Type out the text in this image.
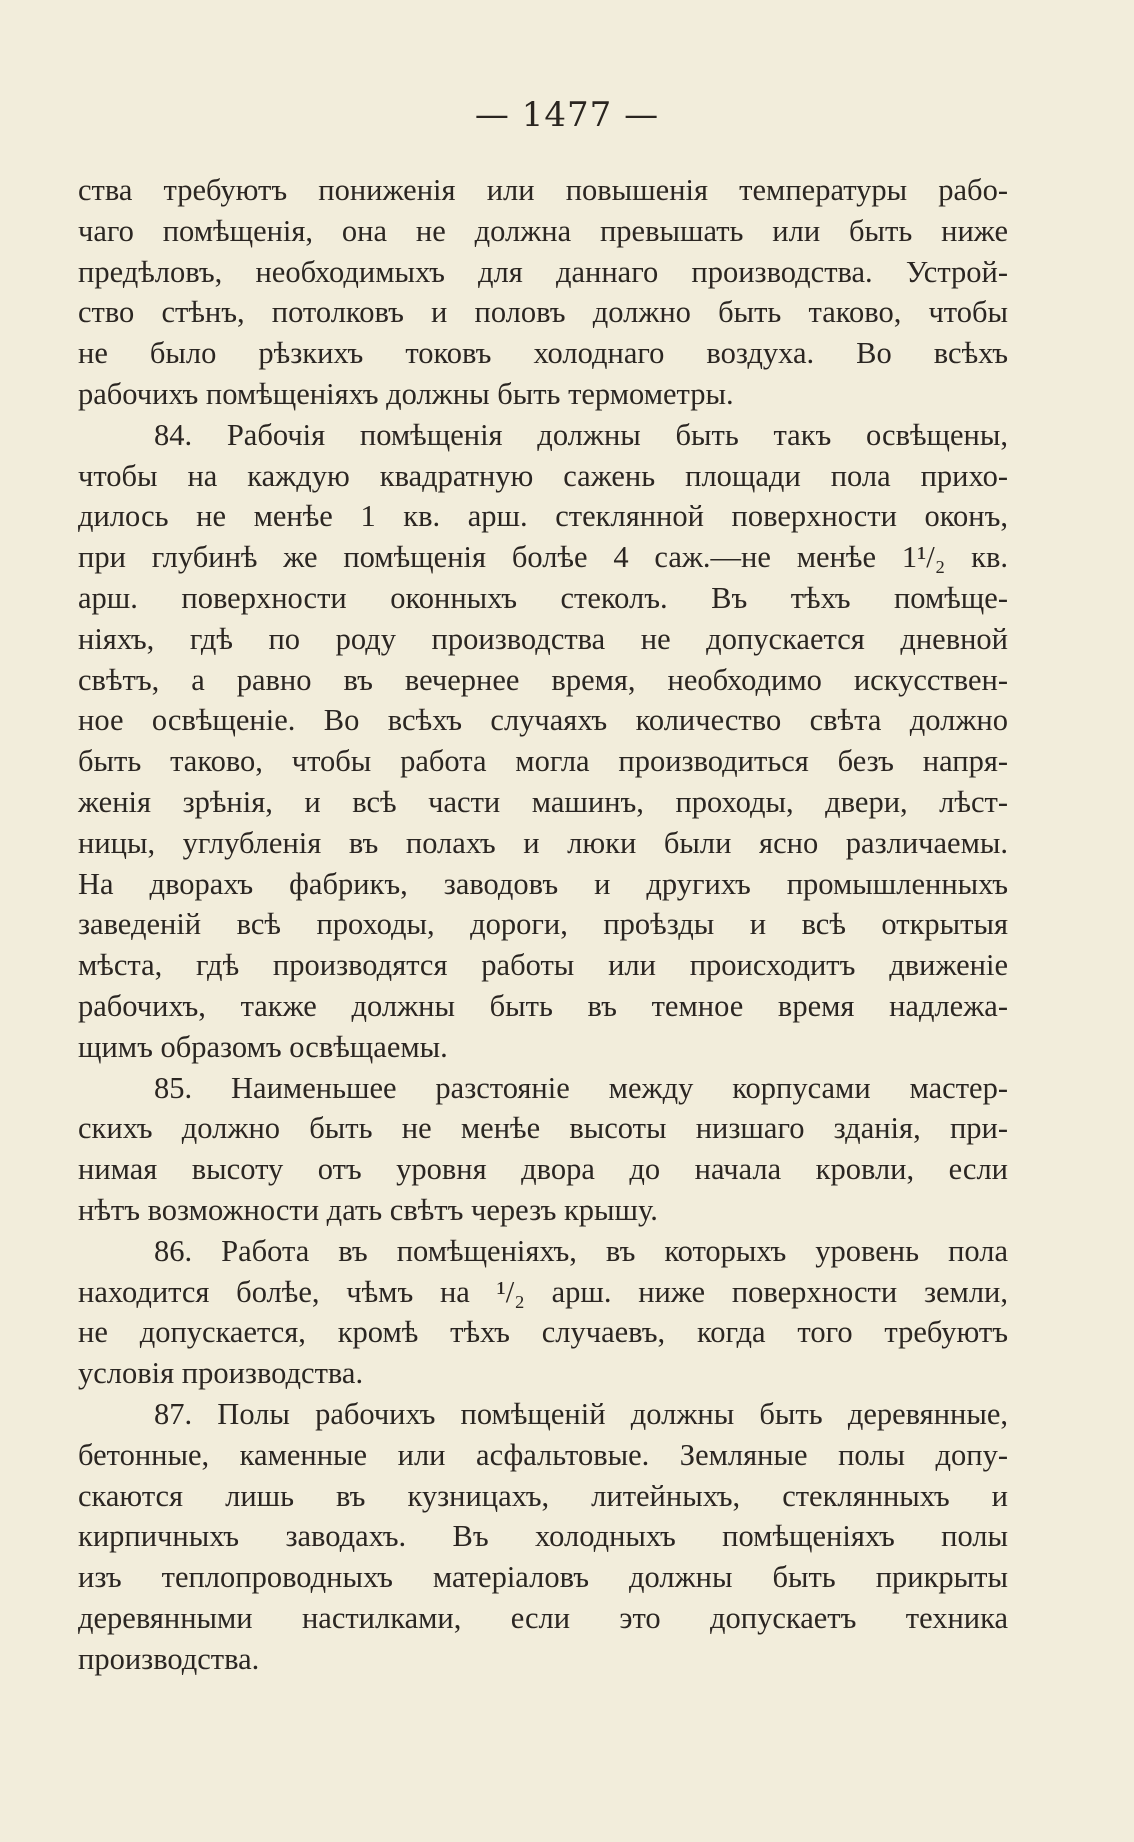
— 1477 —
ства требуютъ пониженія или повышенія температуры рабо-
чаго помѣщенія, она не должна превышать или быть ниже
предѣловъ, необходимыхъ для даннаго производства. Устрой-
ство стѣнъ, потолковъ и половъ должно быть таково, чтобы
не было рѣзкихъ токовъ холоднаго воздуха. Во всѣхъ
рабочихъ помѣщеніяхъ должны быть термометры.
84. Рабочія помѣщенія должны быть такъ освѣщены,
чтобы на каждую квадратную сажень площади пола прихо-
дилось не менѣе 1 кв. арш. стеклянной поверхности оконъ,
при глубинѣ же помѣщенія болѣе 4 саж.—не менѣе 1¹/₂ кв.
арш. поверхности оконныхъ стеколъ. Въ тѣхъ помѣще-
ніяхъ, гдѣ по роду производства не допускается дневной
свѣтъ, а равно въ вечернее время, необходимо искусствен-
ное освѣщеніе. Во всѣхъ случаяхъ количество свѣта должно
быть таково, чтобы работа могла производиться безъ напря-
женія зрѣнія, и всѣ части машинъ, проходы, двери, лѣст-
ницы, углубленія въ полахъ и люки были ясно различаемы.
На дворахъ фабрикъ, заводовъ и другихъ промышленныхъ
заведеній всѣ проходы, дороги, проѣзды и всѣ открытыя
мѣста, гдѣ производятся работы или происходитъ движеніе
рабочихъ, также должны быть въ темное время надлежа-
щимъ образомъ освѣщаемы.
85. Наименьшее разстояніе между корпусами мастер-
скихъ должно быть не менѣе высоты низшаго зданія, при-
нимая высоту отъ уровня двора до начала кровли, если
нѣтъ возможности дать свѣтъ черезъ крышу.
86. Работа въ помѣщеніяхъ, въ которыхъ уровень пола
находится болѣе, чѣмъ на ¹/₂ арш. ниже поверхности земли,
не допускается, кромѣ тѣхъ случаевъ, когда того требуютъ
условія производства.
87. Полы рабочихъ помѣщеній должны быть деревянные,
бетонные, каменные или асфальтовые. Земляные полы допу-
скаются лишь въ кузницахъ, литейныхъ, стеклянныхъ и
кирпичныхъ заводахъ. Въ холодныхъ помѣщеніяхъ полы
изъ теплопроводныхъ матеріаловъ должны быть прикрыты
деревянными настилками, если это допускаетъ техника
производства.
